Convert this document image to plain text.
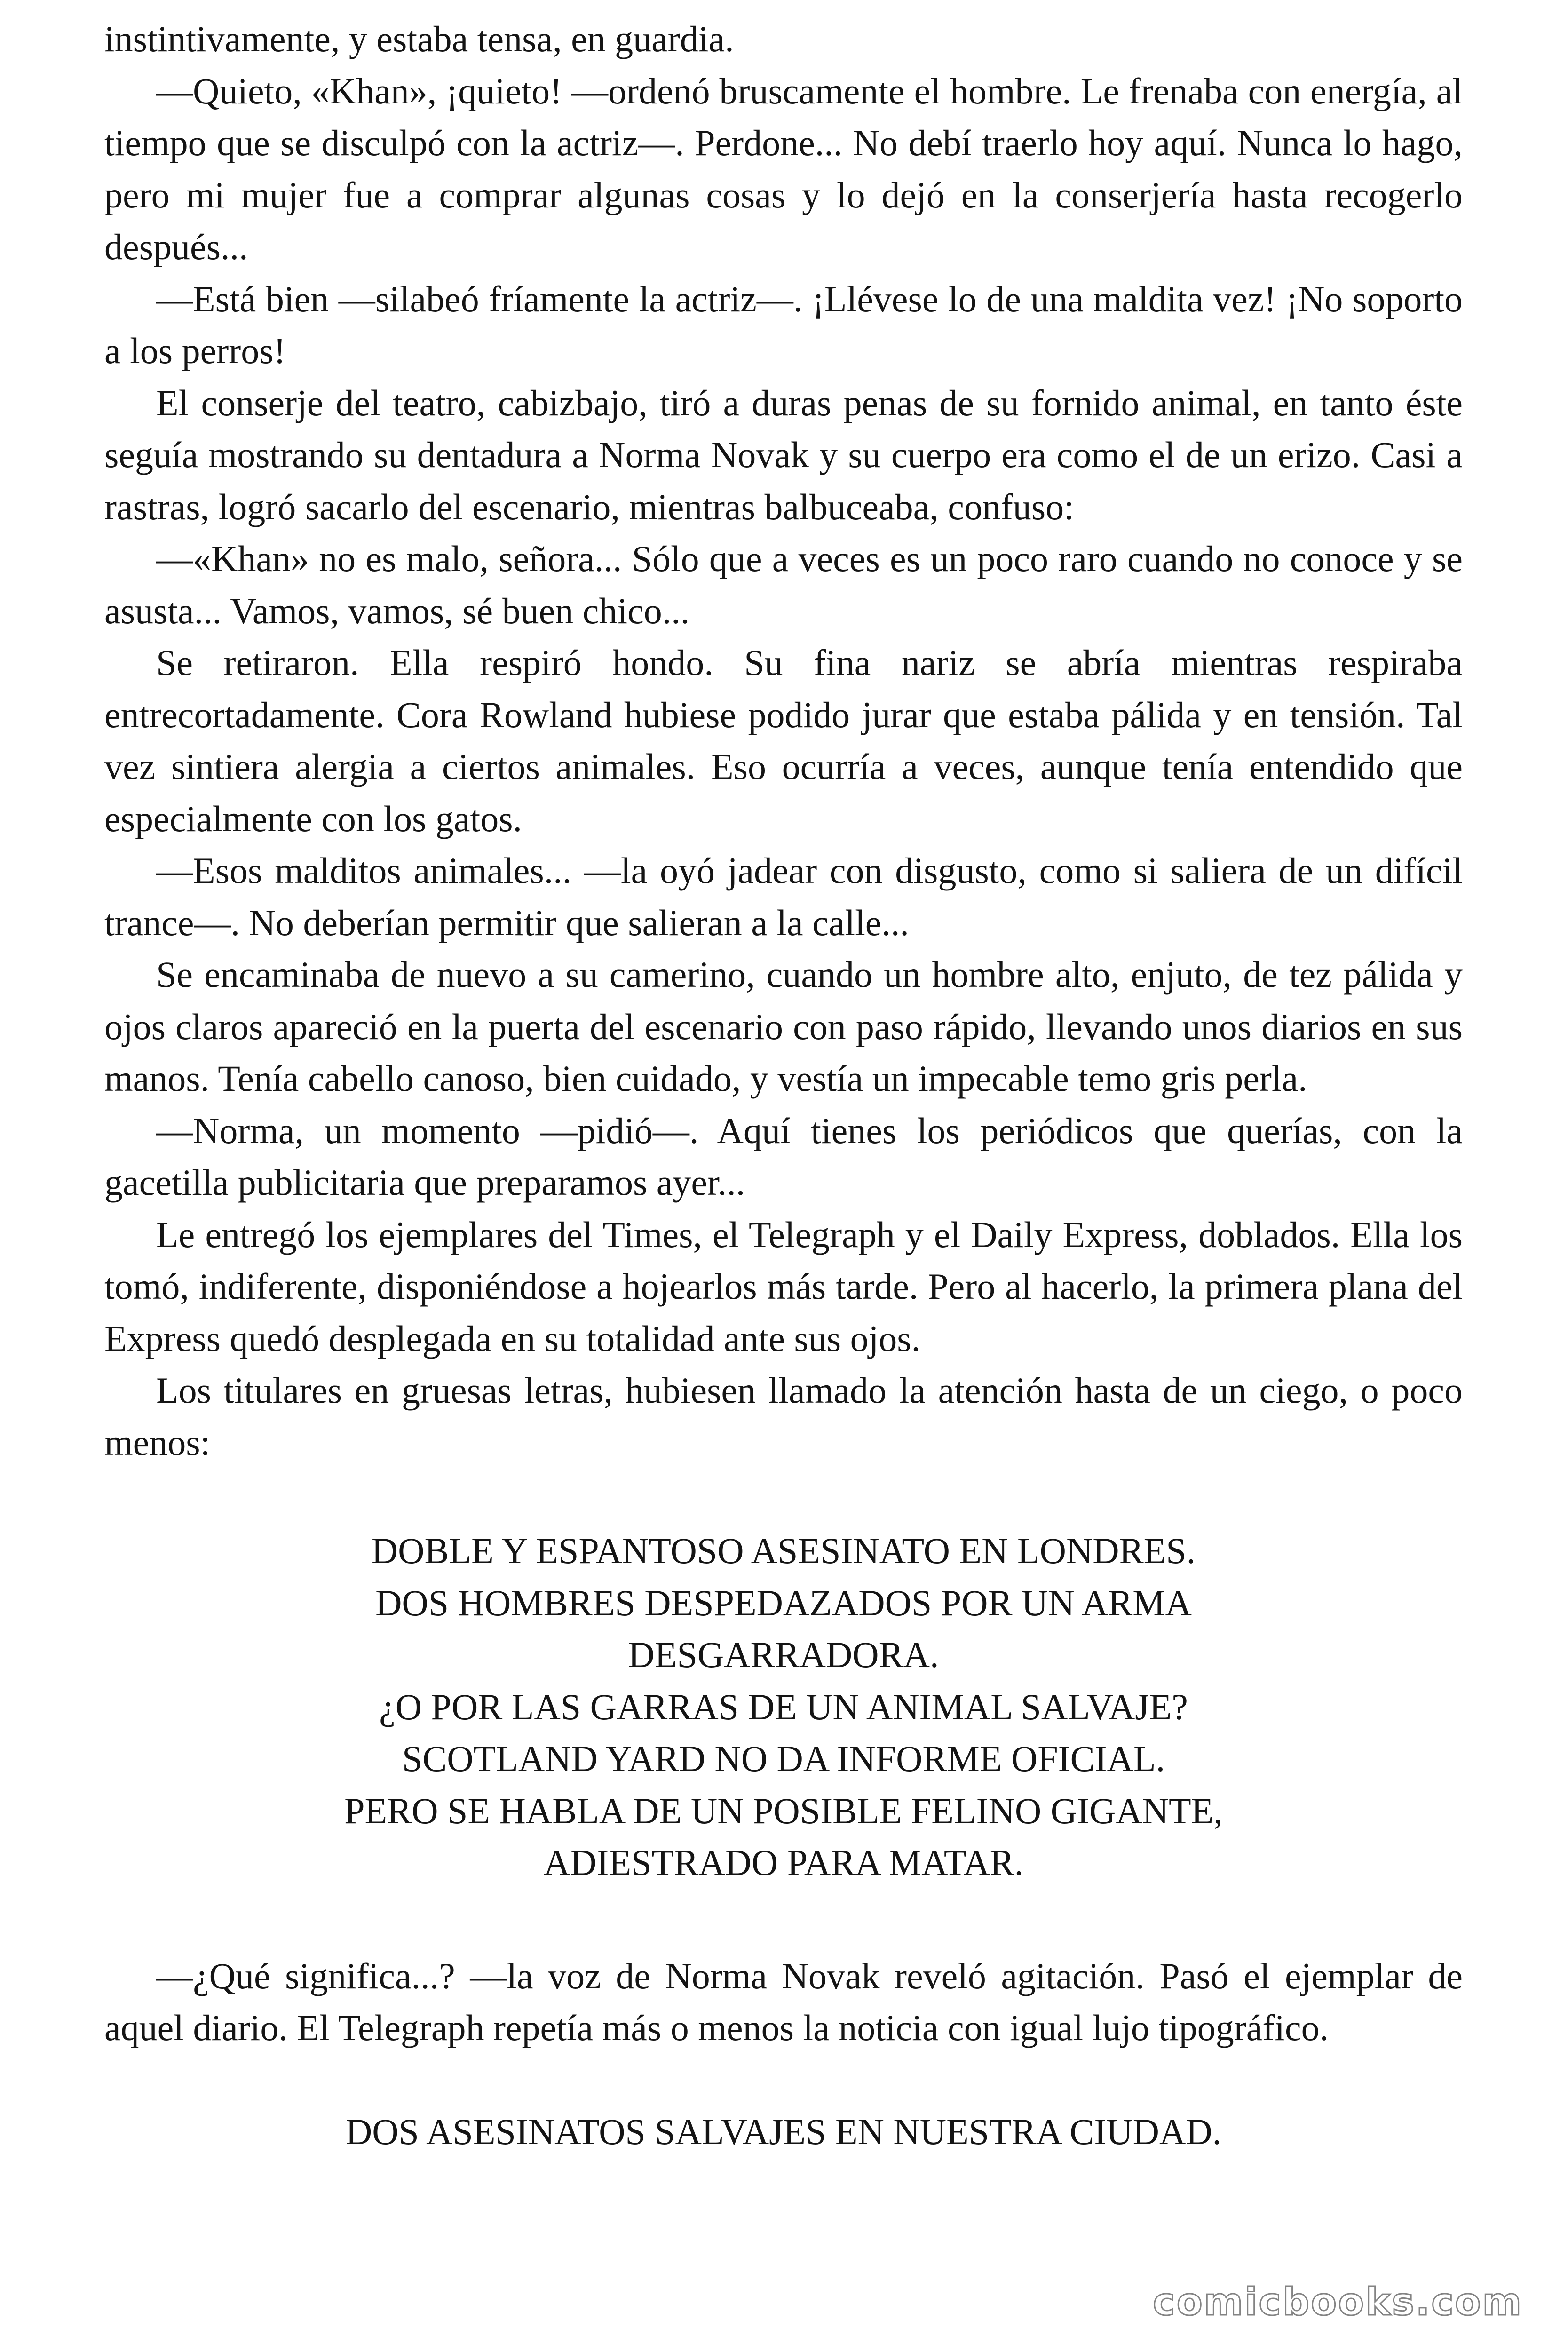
instintivamente, y estaba tensa, en guardia.

—Quieto, «Khan», ¡quieto! —ordenó bruscamente el hombre. Le frenaba con energía, al tiempo que se disculpó con la actriz—. Perdone... No debí traerlo hoy aquí. Nunca lo hago, pero mi mujer fue a comprar algunas cosas y lo dejó en la conserjería hasta recogerlo después...

—Está bien —silabeó fríamente la actriz—. ¡Llévese lo de una maldita vez! ¡No soporto a los perros!

El conserje del teatro, cabizbajo, tiró a duras penas de su fornido animal, en tanto éste seguía mostrando su dentadura a Norma Novak y su cuerpo era como el de un erizo. Casi a rastras, logró sacarlo del escenario, mientras balbuceaba, confuso:

—«Khan» no es malo, señora... Sólo que a veces es un poco raro cuando no conoce y se asusta... Vamos, vamos, sé buen chico...

Se retiraron. Ella respiró hondo. Su fina nariz se abría mientras respiraba entrecortadamente. Cora Rowland hubiese podido jurar que estaba pálida y en tensión. Tal vez sintiera alergia a ciertos animales. Eso ocurría a veces, aunque tenía entendido que especialmente con los gatos.

—Esos malditos animales... —la oyó jadear con disgusto, como si saliera de un difícil trance—. No deberían permitir que salieran a la calle...

Se encaminaba de nuevo a su camerino, cuando un hombre alto, enjuto, de tez pálida y ojos claros apareció en la puerta del escenario con paso rápido, llevando unos diarios en sus manos. Tenía cabello canoso, bien cuidado, y vestía un impecable temo gris perla.

—Norma, un momento —pidió—. Aquí tienes los periódicos que querías, con la gacetilla publicitaria que preparamos ayer...

Le entregó los ejemplares del Times, el Telegraph y el Daily Express, doblados. Ella los tomó, indiferente, disponiéndose a hojearlos más tarde. Pero al hacerlo, la primera plana del Express quedó desplegada en su totalidad ante sus ojos.

Los titulares en gruesas letras, hubiesen llamado la atención hasta de un ciego, o poco menos:

DOBLE Y ESPANTOSO ASESINATO EN LONDRES.
DOS HOMBRES DESPEDAZADOS POR UN ARMA
DESGARRADORA.
¿O POR LAS GARRAS DE UN ANIMAL SALVAJE?
SCOTLAND YARD NO DA INFORME OFICIAL.
PERO SE HABLA DE UN POSIBLE FELINO GIGANTE,
ADIESTRADO PARA MATAR.

—¿Qué significa...? —la voz de Norma Novak reveló agitación. Pasó el ejemplar de aquel diario. El Telegraph repetía más o menos la noticia con igual lujo tipográfico.

DOS ASESINATOS SALVAJES EN NUESTRA CIUDAD.
comicbooks.com
